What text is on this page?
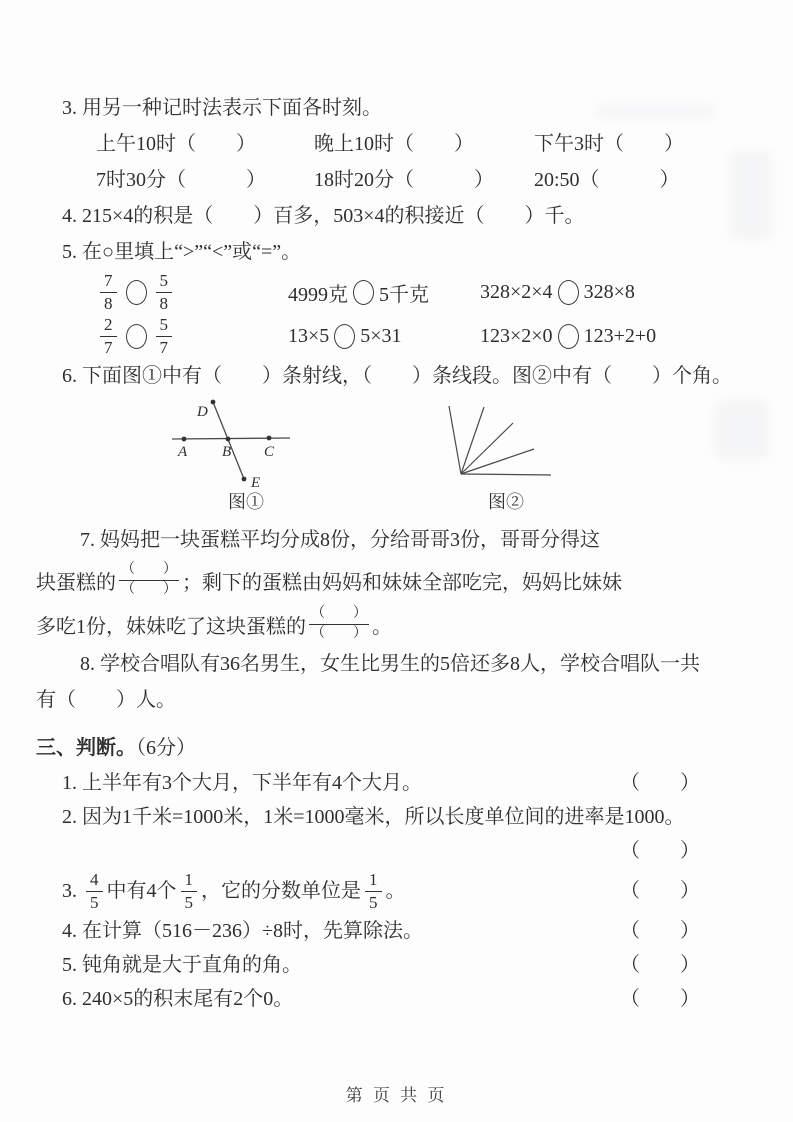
3. 用另一种记时法表示下面各时刻。
上午10时（　　）	晚上10时（　　）	下午3时（　　）
7时30分（　　　）	18时20分（　　　）	20:50（　　　）
4. 215×4的积是（　　）百多，503×4的积接近（　　）千。
5. 在○里填上“>”“<”或“=”。
$\frac{7}{8} \frac{5}{8}$	4999克 5千克	328×2×4 328×8
$\frac{2}{7} \frac{5}{7}$	13×5 5×31	123×2×0 123+2+0
6. 下面图①中有（　　）条射线，（　　）条线段。图②中有（　　）个角。
D
A B C
E
图①	图②
7. 妈妈把一块蛋糕平均分成8份，分给哥哥3份，哥哥分得这
块蛋糕的 $\frac{( )}{( )}$ ；剩下的蛋糕由妈妈和妹妹全部吃完，妈妈比妹妹
多吃1份，妹妹吃了这块蛋糕的 $\frac{( )}{( )}$ 。
8. 学校合唱队有36名男生，女生比男生的5倍还多8人，学校合唱队一共
有（　　）人。
三、判断。（6分）
1. 上半年有3个大月，下半年有4个大月。	（　　）
2. 因为1千米=1000米，1米=1000毫米，所以长度单位间的进率是1000。
（　　）
3. $\frac{4}{5}$ 中有4个 $\frac{1}{5}$ ，它的分数单位是 $\frac{1}{5}$ 。	（　　）
4. 在计算（516－236）÷8时，先算除法。	（　　）
5. 钝角就是大于直角的角。	（　　）
6. 240×5的积末尾有2个0。	（　　）
第 页 共 页
